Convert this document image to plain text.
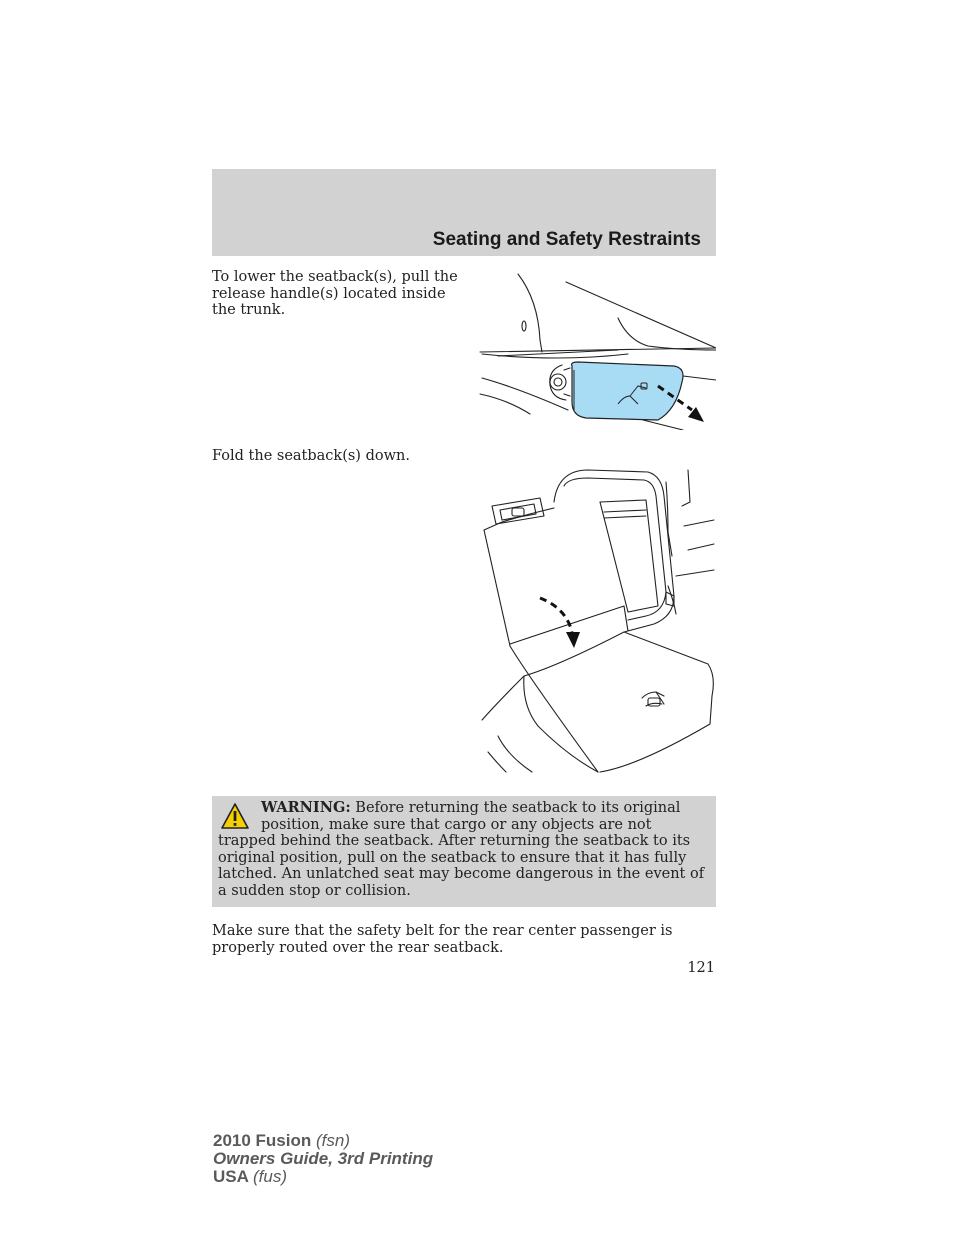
Seating and Safety Restraints
To lower the seatback(s), pull the release handle(s) located inside the trunk.
Fold the seatback(s) down.
WARNING: Before returning the seatback to its original position, make sure that cargo or any objects are not trapped behind the seatback. After returning the seatback to its original position, pull on the seatback to ensure that it has fully latched. An unlatched seat may become dangerous in the event of a sudden stop or collision.
Make sure that the safety belt for the rear center passenger is properly routed over the rear seatback.
121
2010 Fusion (fsn)
Owners Guide, 3rd Printing
USA (fus)
